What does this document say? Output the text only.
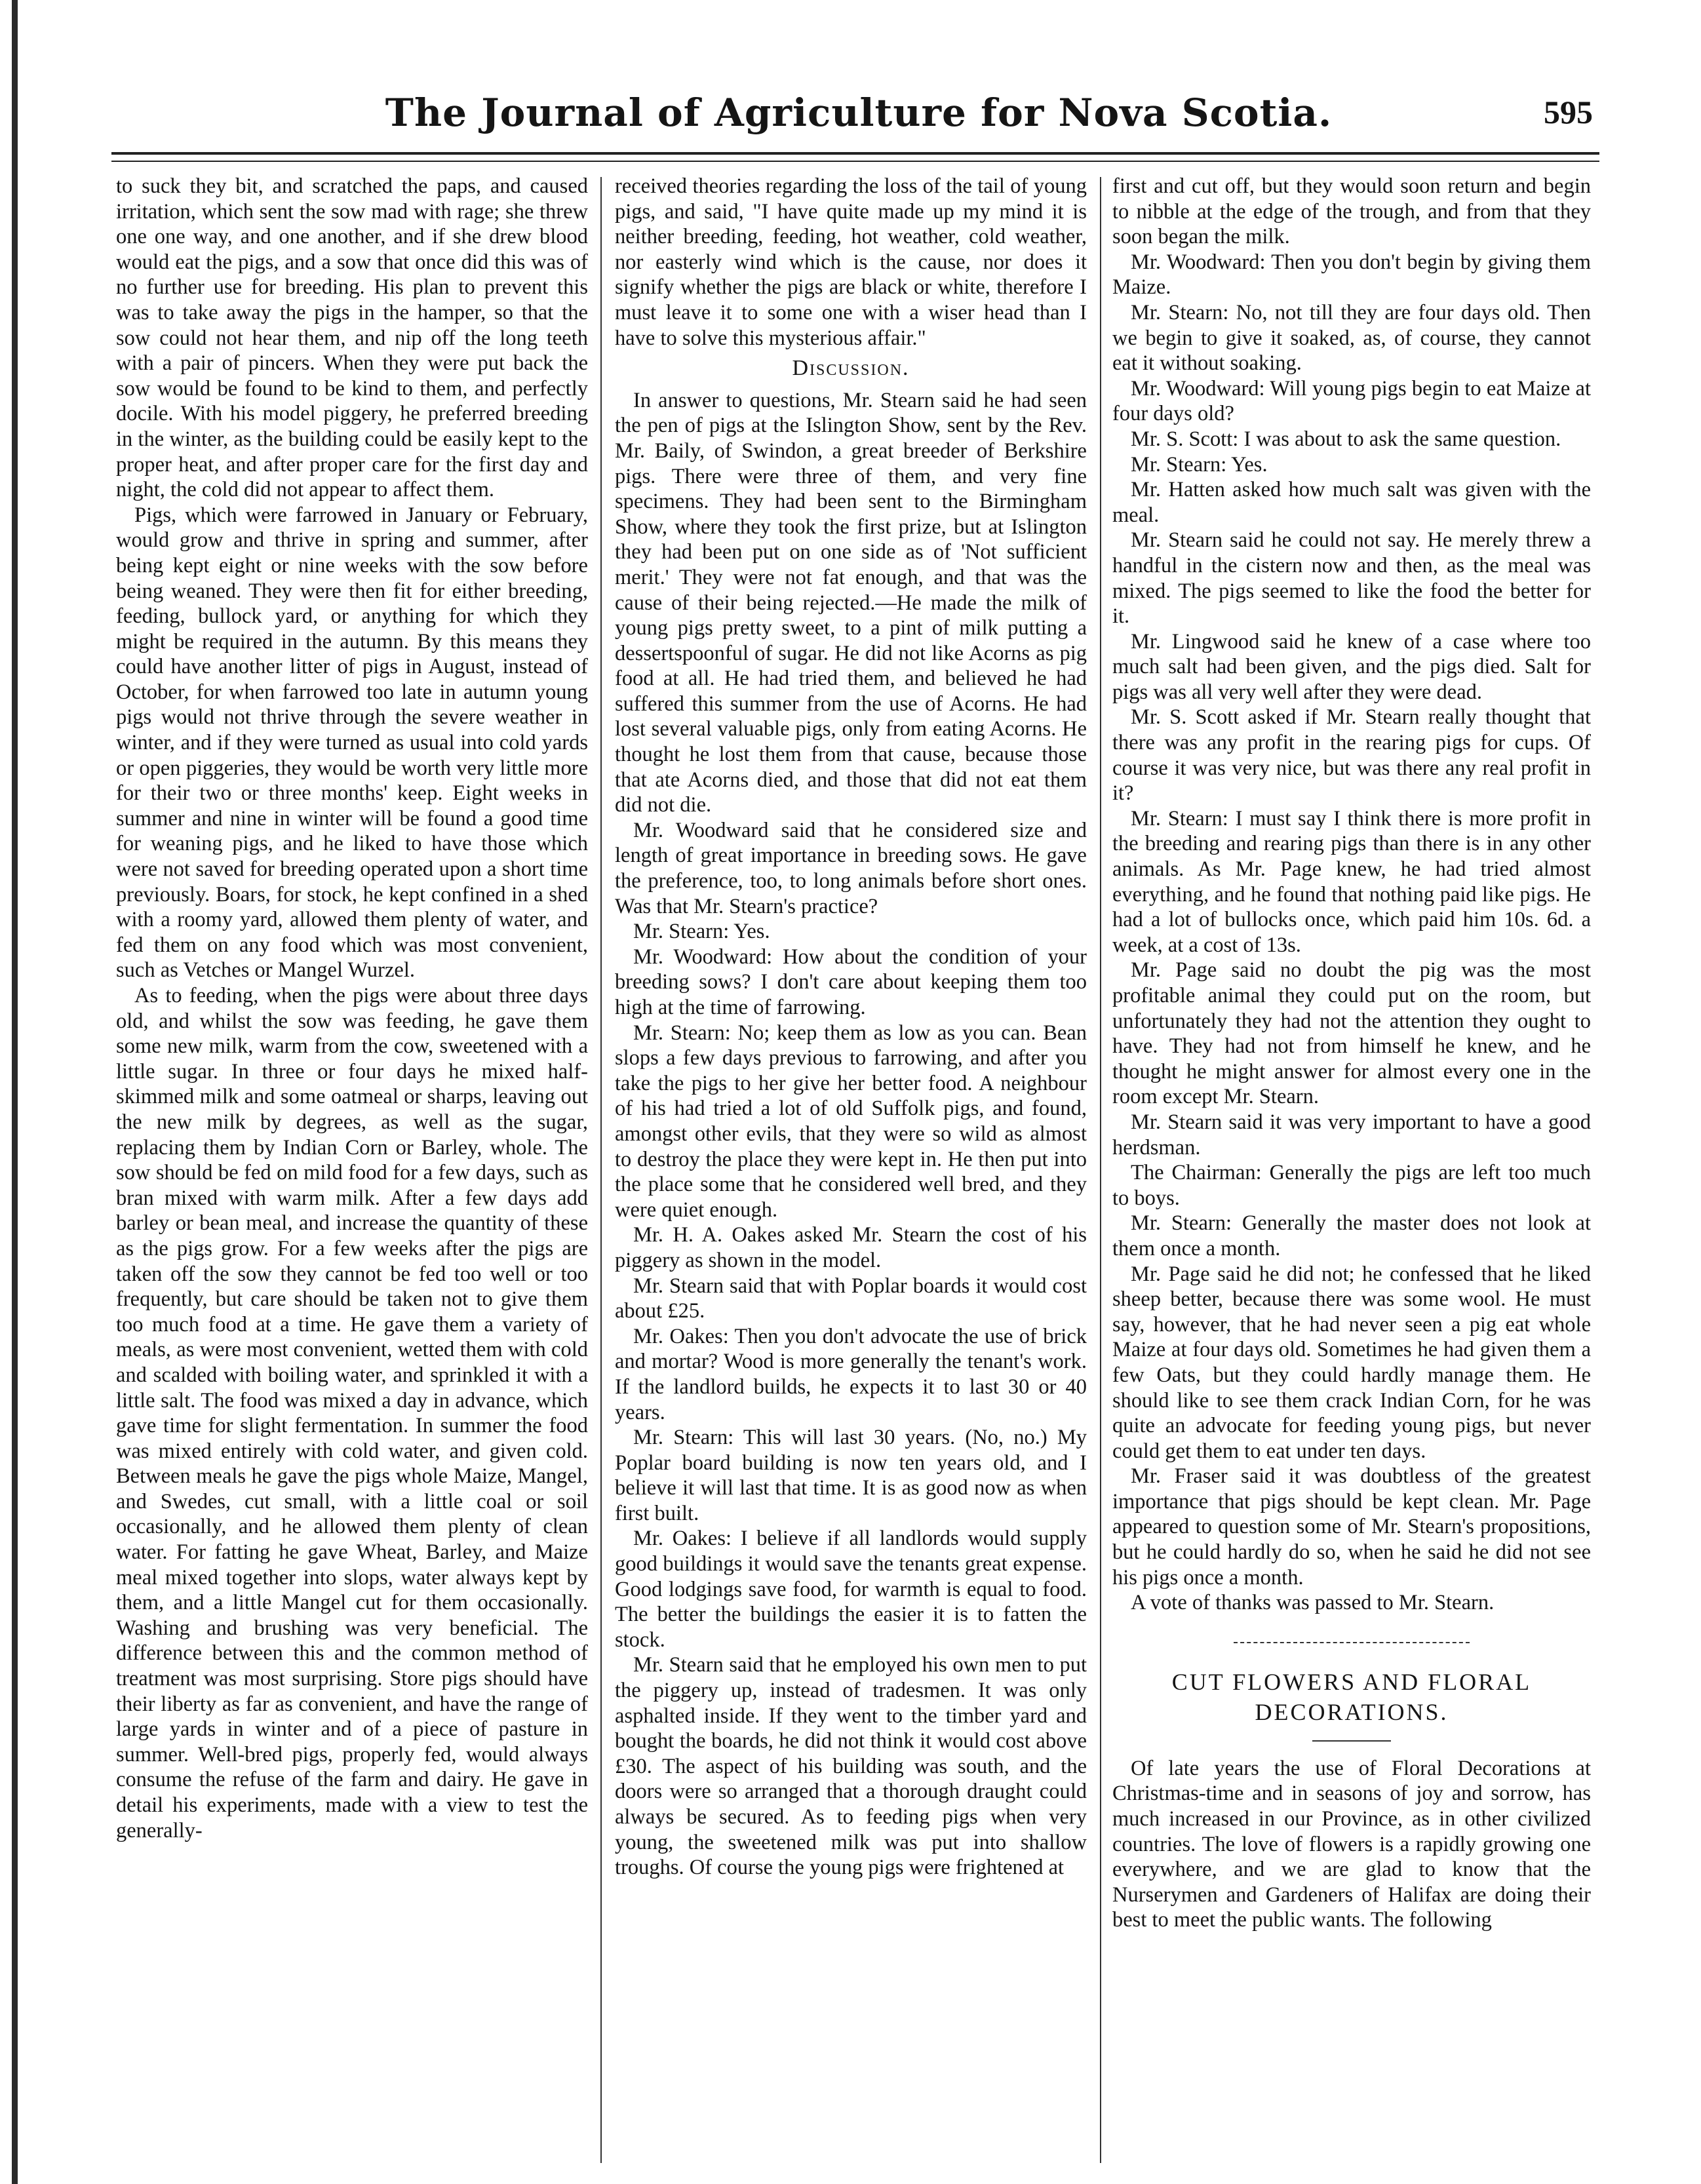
The Journal of Agriculture for Nova Scotia.	595

to suck they bit, and scratched the paps, and caused irritation, which sent the sow mad with rage; she threw one one way, and one another, and if she drew blood would eat the pigs, and a sow that once did this was of no further use for breeding. His plan to prevent this was to take away the pigs in the hamper, so that the sow could not hear them, and nip off the long teeth with a pair of pincers. When they were put back the sow would be found to be kind to them, and perfectly docile. With his model piggery, he preferred breeding in the winter, as the building could be easily kept to the proper heat, and after proper care for the first day and night, the cold did not appear to affect them.

Pigs, which were farrowed in January or February, would grow and thrive in spring and summer, after being kept eight or nine weeks with the sow before being weaned. They were then fit for either breeding, feeding, bullock yard, or anything for which they might be required in the autumn. By this means they could have another litter of pigs in August, instead of October, for when farrowed too late in autumn young pigs would not thrive through the severe weather in winter, and if they were turned as usual into cold yards or open piggeries, they would be worth very little more for their two or three months' keep. Eight weeks in summer and nine in winter will be found a good time for weaning pigs, and he liked to have those which were not saved for breeding operated upon a short time previously. Boars, for stock, he kept confined in a shed with a roomy yard, allowed them plenty of water, and fed them on any food which was most convenient, such as Vetches or Mangel Wurzel.

As to feeding, when the pigs were about three days old, and whilst the sow was feeding, he gave them some new milk, warm from the cow, sweetened with a little sugar. In three or four days he mixed half-skimmed milk and some oatmeal or sharps, leaving out the new milk by degrees, as well as the sugar, replacing them by Indian Corn or Barley, whole. The sow should be fed on mild food for a few days, such as bran mixed with warm milk. After a few days add barley or bean meal, and increase the quantity of these as the pigs grow. For a few weeks after the pigs are taken off the sow they cannot be fed too well or too frequently, but care should be taken not to give them too much food at a time. He gave them a variety of meals, as were most convenient, wetted them with cold and scalded with boiling water, and sprinkled it with a little salt. The food was mixed a day in advance, which gave time for slight fermentation. In summer the food was mixed entirely with cold water, and given cold. Between meals he gave the pigs whole Maize, Mangel, and Swedes, cut small, with a little coal or soil occasionally, and he allowed them plenty of clean water. For fatting he gave Wheat, Barley, and Maize meal mixed together into slops, water always kept by them, and a little Mangel cut for them occasionally. Washing and brushing was very beneficial. The difference between this and the common method of treatment was most surprising. Store pigs should have their liberty as far as convenient, and have the range of large yards in winter and of a piece of pasture in summer. Well-bred pigs, properly fed, would always consume the refuse of the farm and dairy. He gave in detail his experiments, made with a view to test the generally-

received theories regarding the loss of the tail of young pigs, and said, "I have quite made up my mind it is neither breeding, feeding, hot weather, cold weather, nor easterly wind which is the cause, nor does it signify whether the pigs are black or white, therefore I must leave it to some one with a wiser head than I have to solve this mysterious affair."

Discussion.

In answer to questions, Mr. Stearn said he had seen the pen of pigs at the Islington Show, sent by the Rev. Mr. Baily, of Swindon, a great breeder of Berkshire pigs. There were three of them, and very fine specimens. They had been sent to the Birmingham Show, where they took the first prize, but at Islington they had been put on one side as of 'Not sufficient merit.' They were not fat enough, and that was the cause of their being rejected.—He made the milk of young pigs pretty sweet, to a pint of milk putting a dessertspoonful of sugar. He did not like Acorns as pig food at all. He had tried them, and believed he had suffered this summer from the use of Acorns. He had lost several valuable pigs, only from eating Acorns. He thought he lost them from that cause, because those that ate Acorns died, and those that did not eat them did not die.

Mr. Woodward said that he considered size and length of great importance in breeding sows. He gave the preference, too, to long animals before short ones. Was that Mr. Stearn's practice?

Mr. Stearn: Yes.

Mr. Woodward: How about the condition of your breeding sows? I don't care about keeping them too high at the time of farrowing.

Mr. Stearn: No; keep them as low as you can. Bean slops a few days previous to farrowing, and after you take the pigs to her give her better food. A neighbour of his had tried a lot of old Suffolk pigs, and found, amongst other evils, that they were so wild as almost to destroy the place they were kept in. He then put into the place some that he considered well bred, and they were quiet enough.

Mr. H. A. Oakes asked Mr. Stearn the cost of his piggery as shown in the model.

Mr. Stearn said that with Poplar boards it would cost about £25.

Mr. Oakes: Then you don't advocate the use of brick and mortar? Wood is more generally the tenant's work. If the landlord builds, he expects it to last 30 or 40 years.

Mr. Stearn: This will last 30 years. (No, no.) My Poplar board building is now ten years old, and I believe it will last that time. It is as good now as when first built.

Mr. Oakes: I believe if all landlords would supply good buildings it would save the tenants great expense. Good lodgings save food, for warmth is equal to food. The better the buildings the easier it is to fatten the stock.

Mr. Stearn said that he employed his own men to put the piggery up, instead of tradesmen. It was only asphalted inside. If they went to the timber yard and bought the boards, he did not think it would cost above £30. The aspect of his building was south, and the doors were so arranged that a thorough draught could always be secured. As to feeding pigs when very young, the sweetened milk was put into shallow troughs. Of course the young pigs were frightened at

first and cut off, but they would soon return and begin to nibble at the edge of the trough, and from that they soon began the milk.

Mr. Woodward: Then you don't begin by giving them Maize.

Mr. Stearn: No, not till they are four days old. Then we begin to give it soaked, as, of course, they cannot eat it without soaking.

Mr. Woodward: Will young pigs begin to eat Maize at four days old?

Mr. S. Scott: I was about to ask the same question.

Mr. Stearn: Yes.

Mr. Hatten asked how much salt was given with the meal.

Mr. Stearn said he could not say. He merely threw a handful in the cistern now and then, as the meal was mixed. The pigs seemed to like the food the better for it.

Mr. Lingwood said he knew of a case where too much salt had been given, and the pigs died. Salt for pigs was all very well after they were dead.

Mr. S. Scott asked if Mr. Stearn really thought that there was any profit in the rearing pigs for cups. Of course it was very nice, but was there any real profit in it?

Mr. Stearn: I must say I think there is more profit in the breeding and rearing pigs than there is in any other animals. As Mr. Page knew, he had tried almost everything, and he found that nothing paid like pigs. He had a lot of bullocks once, which paid him 10s. 6d. a week, at a cost of 13s.

Mr. Page said no doubt the pig was the most profitable animal they could put on the room, but unfortunately they had not the attention they ought to have. They had not from himself he knew, and he thought he might answer for almost every one in the room except Mr. Stearn.

Mr. Stearn said it was very important to have a good herdsman.

The Chairman: Generally the pigs are left too much to boys.

Mr. Stearn: Generally the master does not look at them once a month.

Mr. Page said he did not; he confessed that he liked sheep better, because there was some wool. He must say, however, that he had never seen a pig eat whole Maize at four days old. Sometimes he had given them a few Oats, but they could hardly manage them. He should like to see them crack Indian Corn, for he was quite an advocate for feeding young pigs, but never could get them to eat under ten days.

Mr. Fraser said it was doubtless of the greatest importance that pigs should be kept clean. Mr. Page appeared to question some of Mr. Stearn's propositions, but he could hardly do so, when he said he did not see his pigs once a month.

A vote of thanks was passed to Mr. Stearn.

CUT FLOWERS AND FLORAL
DECORATIONS.

Of late years the use of Floral Decorations at Christmas-time and in seasons of joy and sorrow, has much increased in our Province, as in other civilized countries. The love of flowers is a rapidly growing one everywhere, and we are glad to know that the Nurserymen and Gardeners of Halifax are doing their best to meet the public wants. The following
